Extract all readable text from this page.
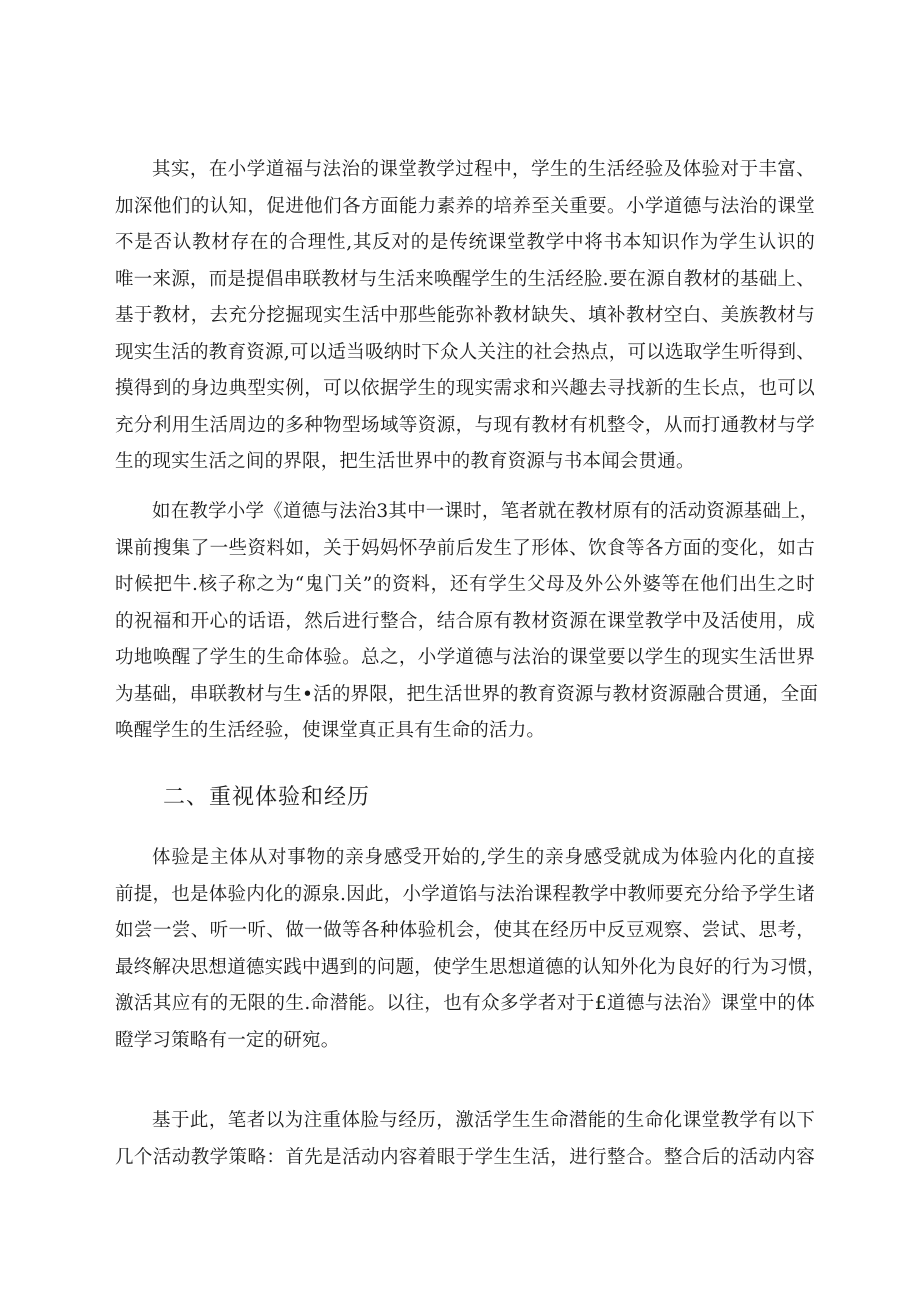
其实，在小学道福与法治的课堂教学过程中，学生的生活经验及体验对于丰富、
加深他们的认知，促进他们各方面能力素养的培养至关重要。小学道德与法治的课堂
不是否认教材存在的合理性,其反对的是传统课堂教学中将书本知识作为学生认识的
唯一来源，而是提倡串联教材与生活来唤醒学生的生活经脸.要在源自教材的基础上、
基于教材，去充分挖掘现实生活中那些能弥补教材缺失、填补教材空白、美族教材与
现实生活的教育资源,可以适当吸纳时下众人关注的社会热点，可以选取学生听得到、
摸得到的身边典型实例，可以依据学生的现实需求和兴趣去寻找新的生长点，也可以
充分利用生活周边的多种物型场域等资源，与现有教材有机整令，从而打通教材与学
生的现实生活之间的界限，把生活世界中的教育资源与书本闻会贯通。
如在教学小学《道德与法治3其中一课时，笔者就在教材原有的活动资源基础上，
课前搜集了一些资料如，关于妈妈怀孕前后发生了形体、饮食等各方面的变化，如古
时候把牛.核子称之为“鬼门关”的资料，还有学生父母及外公外婆等在他们出生之时
的祝福和开心的话语，然后进行整合，结合原有教材资源在课堂教学中及活使用，成
功地唤醒了学生的生命体验。总之，小学道德与法治的课堂要以学生的现实生活世界
为基础，串联教材与生•活的界限，把生活世界的教育资源与教材资源融合贯通，全面
唤醒学生的生活经验，使课堂真正具有生命的活力。
二、重视体验和经历
体验是主体从对事物的亲身感受开始的,学生的亲身感受就成为体验内化的直接
前提，也是体验内化的源泉.因此，小学道馅与法治课程教学中教师要充分给予学生诸
如尝一尝、听一听、做一做等各种体验机会，使其在经历中反豆观察、尝试、思考，
最终解决思想道德实践中遇到的问题，使学生思想道德的认知外化为良好的行为习惯，
激活其应有的无限的生.命潜能。以往，也有众多学者对于£道德与法治》课堂中的体
瞪学习策略有一定的研宛。
基于此，笔者以为注重体脸与经历，激活学生生命潜能的生命化课堂教学有以下
几个活动教学策略：首先是活动内容着眼于学生生活，进行整合。整合后的活动内容
